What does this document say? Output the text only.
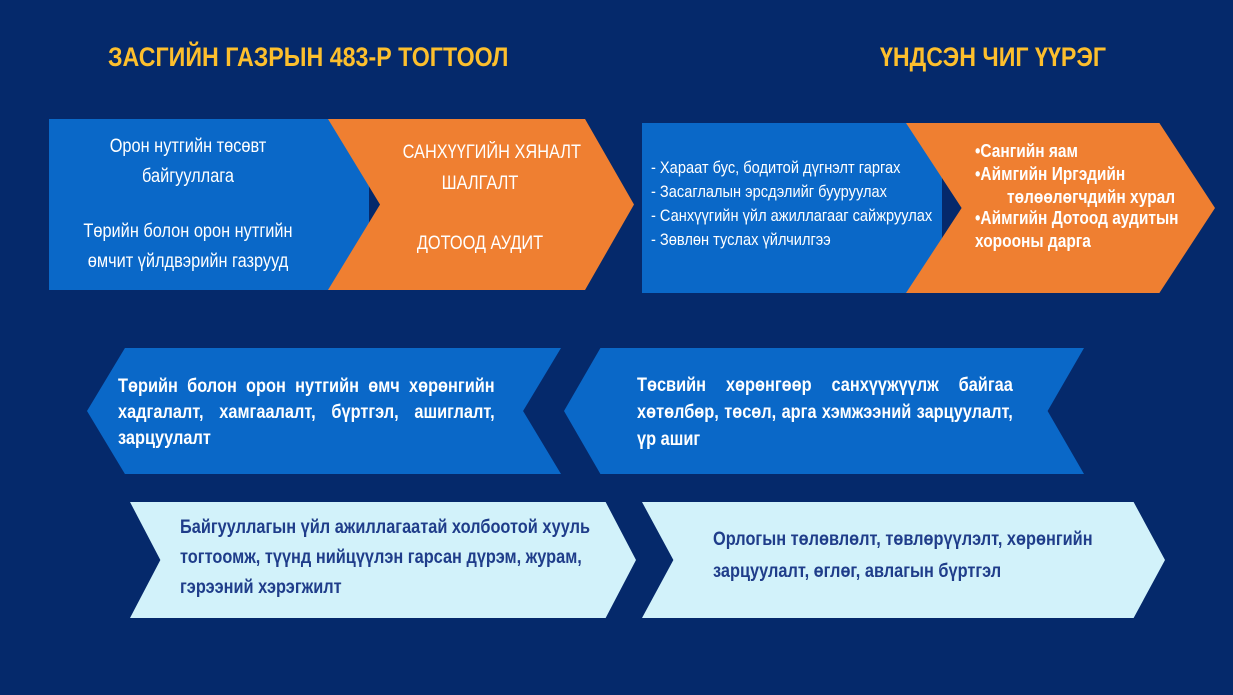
ЗАСГИЙН ГАЗРЫН 483-Р ТОГТООЛ	ҮНДСЭН ЧИГ ҮҮРЭГ
Орон нутгийн төсөвт
байгууллага
Төрийн болон орон нутгийн
өмчит үйлдвэрийн газрууд
САНХҮҮГИЙН ХЯНАЛТ
ШАЛГАЛТ
ДОТООД АУДИТ
- Хараат бус, бодитой дүгнэлт гаргах
- Засаглалын эрсдэлийг бууруулах
- Санхүүгийн үйл ажиллагааг сайжруулах
- Зөвлөн туслах үйлчилгээ
•Сангийн яам
•Аймгийн Иргэдийн
төлөөлөгчдийн хурал
•Аймгийн Дотоод аудитын
хорооны дарга
Төрийн болон орон нутгийн өмч хөрөнгийн
хадгалалт, хамгаалалт, бүртгэл, ашиглалт,
зарцуулалт
Төсвийн хөрөнгөөр санхүүжүүлж байгаа
хөтөлбөр, төсөл, арга хэмжээний зарцуулалт,
үр ашиг
Байгууллагын үйл ажиллагаатай холбоотой хууль
тогтоомж, түүнд нийцүүлэн гарсан дүрэм, журам,
гэрээний хэрэгжилт
Орлогын төлөвлөлт, төвлөрүүлэлт, хөрөнгийн
зарцуулалт, өглөг, авлагын бүртгэл
